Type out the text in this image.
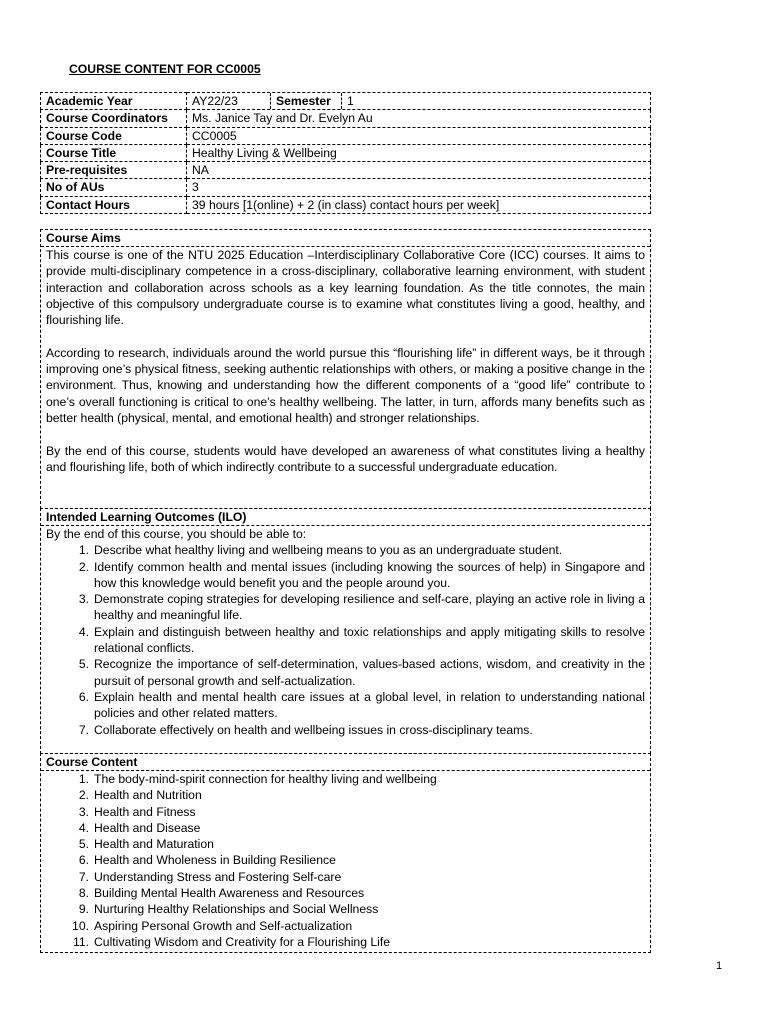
COURSE CONTENT FOR CC0005
Academic Year	AY22/23 Semester 1

Course Coordinators	Ms. Janice Tay and Dr. Evelyn Au
Course Code	CC0005
Course Title	Healthy Living & Wellbeing
Pre-requisites	NA
No of AUs	3
Contact Hours	39 hours [1(online) + 2 (in class) contact hours per week]
Course Aims

This course is one of the NTU 2025 Education –Interdisciplinary Collaborative Core (ICC) courses. It aims to provide multi-disciplinary competence in a cross-disciplinary, collaborative learning environment, with student interaction and collaboration across schools as a key learning foundation. As the title connotes, the main objective of this compulsory undergraduate course is to examine what constitutes living a good, healthy, and flourishing life.

According to research, individuals around the world pursue this “flourishing life” in different ways, be it through improving one’s physical fitness, seeking authentic relationships with others, or making a positive change in the environment. Thus, knowing and understanding how the different components of a “good life” contribute to one’s overall functioning is critical to one’s healthy wellbeing. The latter, in turn, affords many benefits such as better health (physical, mental, and emotional health) and stronger relationships.

By the end of this course, students would have developed an awareness of what constitutes living a healthy and flourishing life, both of which indirectly contribute to a successful undergraduate education.

Intended Learning Outcomes (ILO)
By the end of this course, you should be able to:
1. Describe what healthy living and wellbeing means to you as an undergraduate student.
2. Identify common health and mental issues (including knowing the sources of help) in Singapore and how this knowledge would benefit you and the people around you.
3. Demonstrate coping strategies for developing resilience and self-care, playing an active role in living a healthy and meaningful life.
4. Explain and distinguish between healthy and toxic relationships and apply mitigating skills to resolve relational conflicts.
5. Recognize the importance of self-determination, values-based actions, wisdom, and creativity in the pursuit of personal growth and self-actualization.
6. Explain health and mental health care issues at a global level, in relation to understanding national policies and other related matters.
7. Collaborate effectively on health and wellbeing issues in cross-disciplinary teams.
Course Content
1. The body-mind-spirit connection for healthy living and wellbeing
2. Health and Nutrition
3. Health and Fitness
4. Health and Disease
5. Health and Maturation
6. Health and Wholeness in Building Resilience
7. Understanding Stress and Fostering Self-care
8. Building Mental Health Awareness and Resources
9. Nurturing Healthy Relationships and Social Wellness
10. Aspiring Personal Growth and Self-actualization
11. Cultivating Wisdom and Creativity for a Flourishing Life
1
